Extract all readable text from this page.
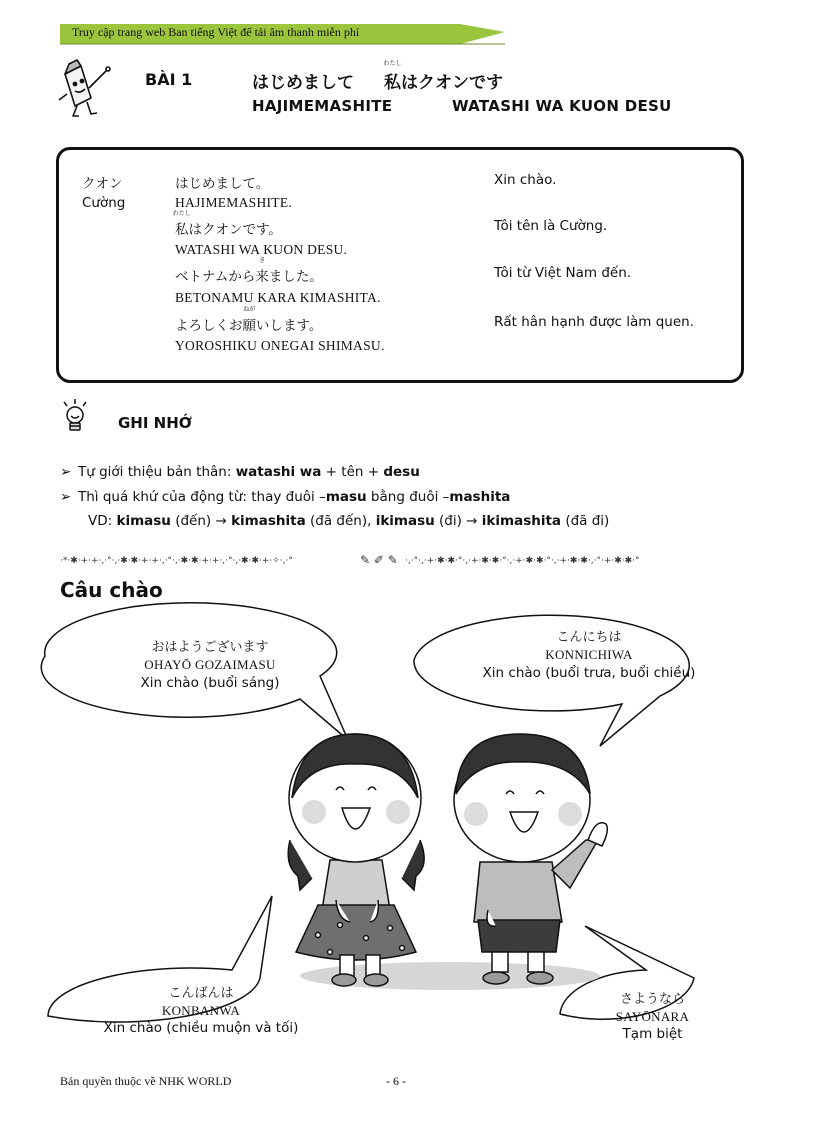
Truy cập trang web Ban tiếng Việt để tải âm thanh miễn phí
BÀI 1	はじめまして
わたし
私はクオンです
HAJIMEMASHITE	WATASHI WA KUON DESU
クオン
Cường
はじめまして。	Xin chào.
HAJIMEMASHITE.
わたし
私はクオンです。	Tôi tên là Cường.
WATASHI WA KUON DESU.
ベトナムから
き
来ました。	Tôi từ Việt Nam đến.
BETONAMU KARA KIMASHITA.
よろしくお
ねが
願いします。	Rất hân hạnh được làm quen.
YOROSHIKU ONEGAI SHIMASU.
GHI NHỚ
➢ Tự giới thiệu bản thân: watashi wa + tên + desu
➢ Thì quá khứ của động từ: thay đuôi –masu bằng đuôi –mashita
VD: kimasu (đến) → kimashita (đã đến), ikimasu (đi) → ikimashita (đã đi)
·*·✱·+·+·,·°·,·✱·✱·+·+·,·°·,·✱·✱·+·+·,·°·,·✱·✱·+·✧·,·°	✎ ✐ ✎ ·,·°·,·+·✱·✱·°·,·+·✱·✱·°·,·+·✱·✱·°·,·+·✱·✱·,·°·+·✱·✱·°
Câu chào
おはようございます
OHAYŌ GOZAIMASU
Xin chào (buổi sáng)
こんにちは
KONNICHIWA
Xin chào (buổi trưa, buổi chiều)
こんばんは
KONBANWA
Xin chào (chiều muộn và tối)
さようなら
SAYŌNARA
Tạm biệt
Bản quyền thuộc về NHK WORLD	- 6 -
